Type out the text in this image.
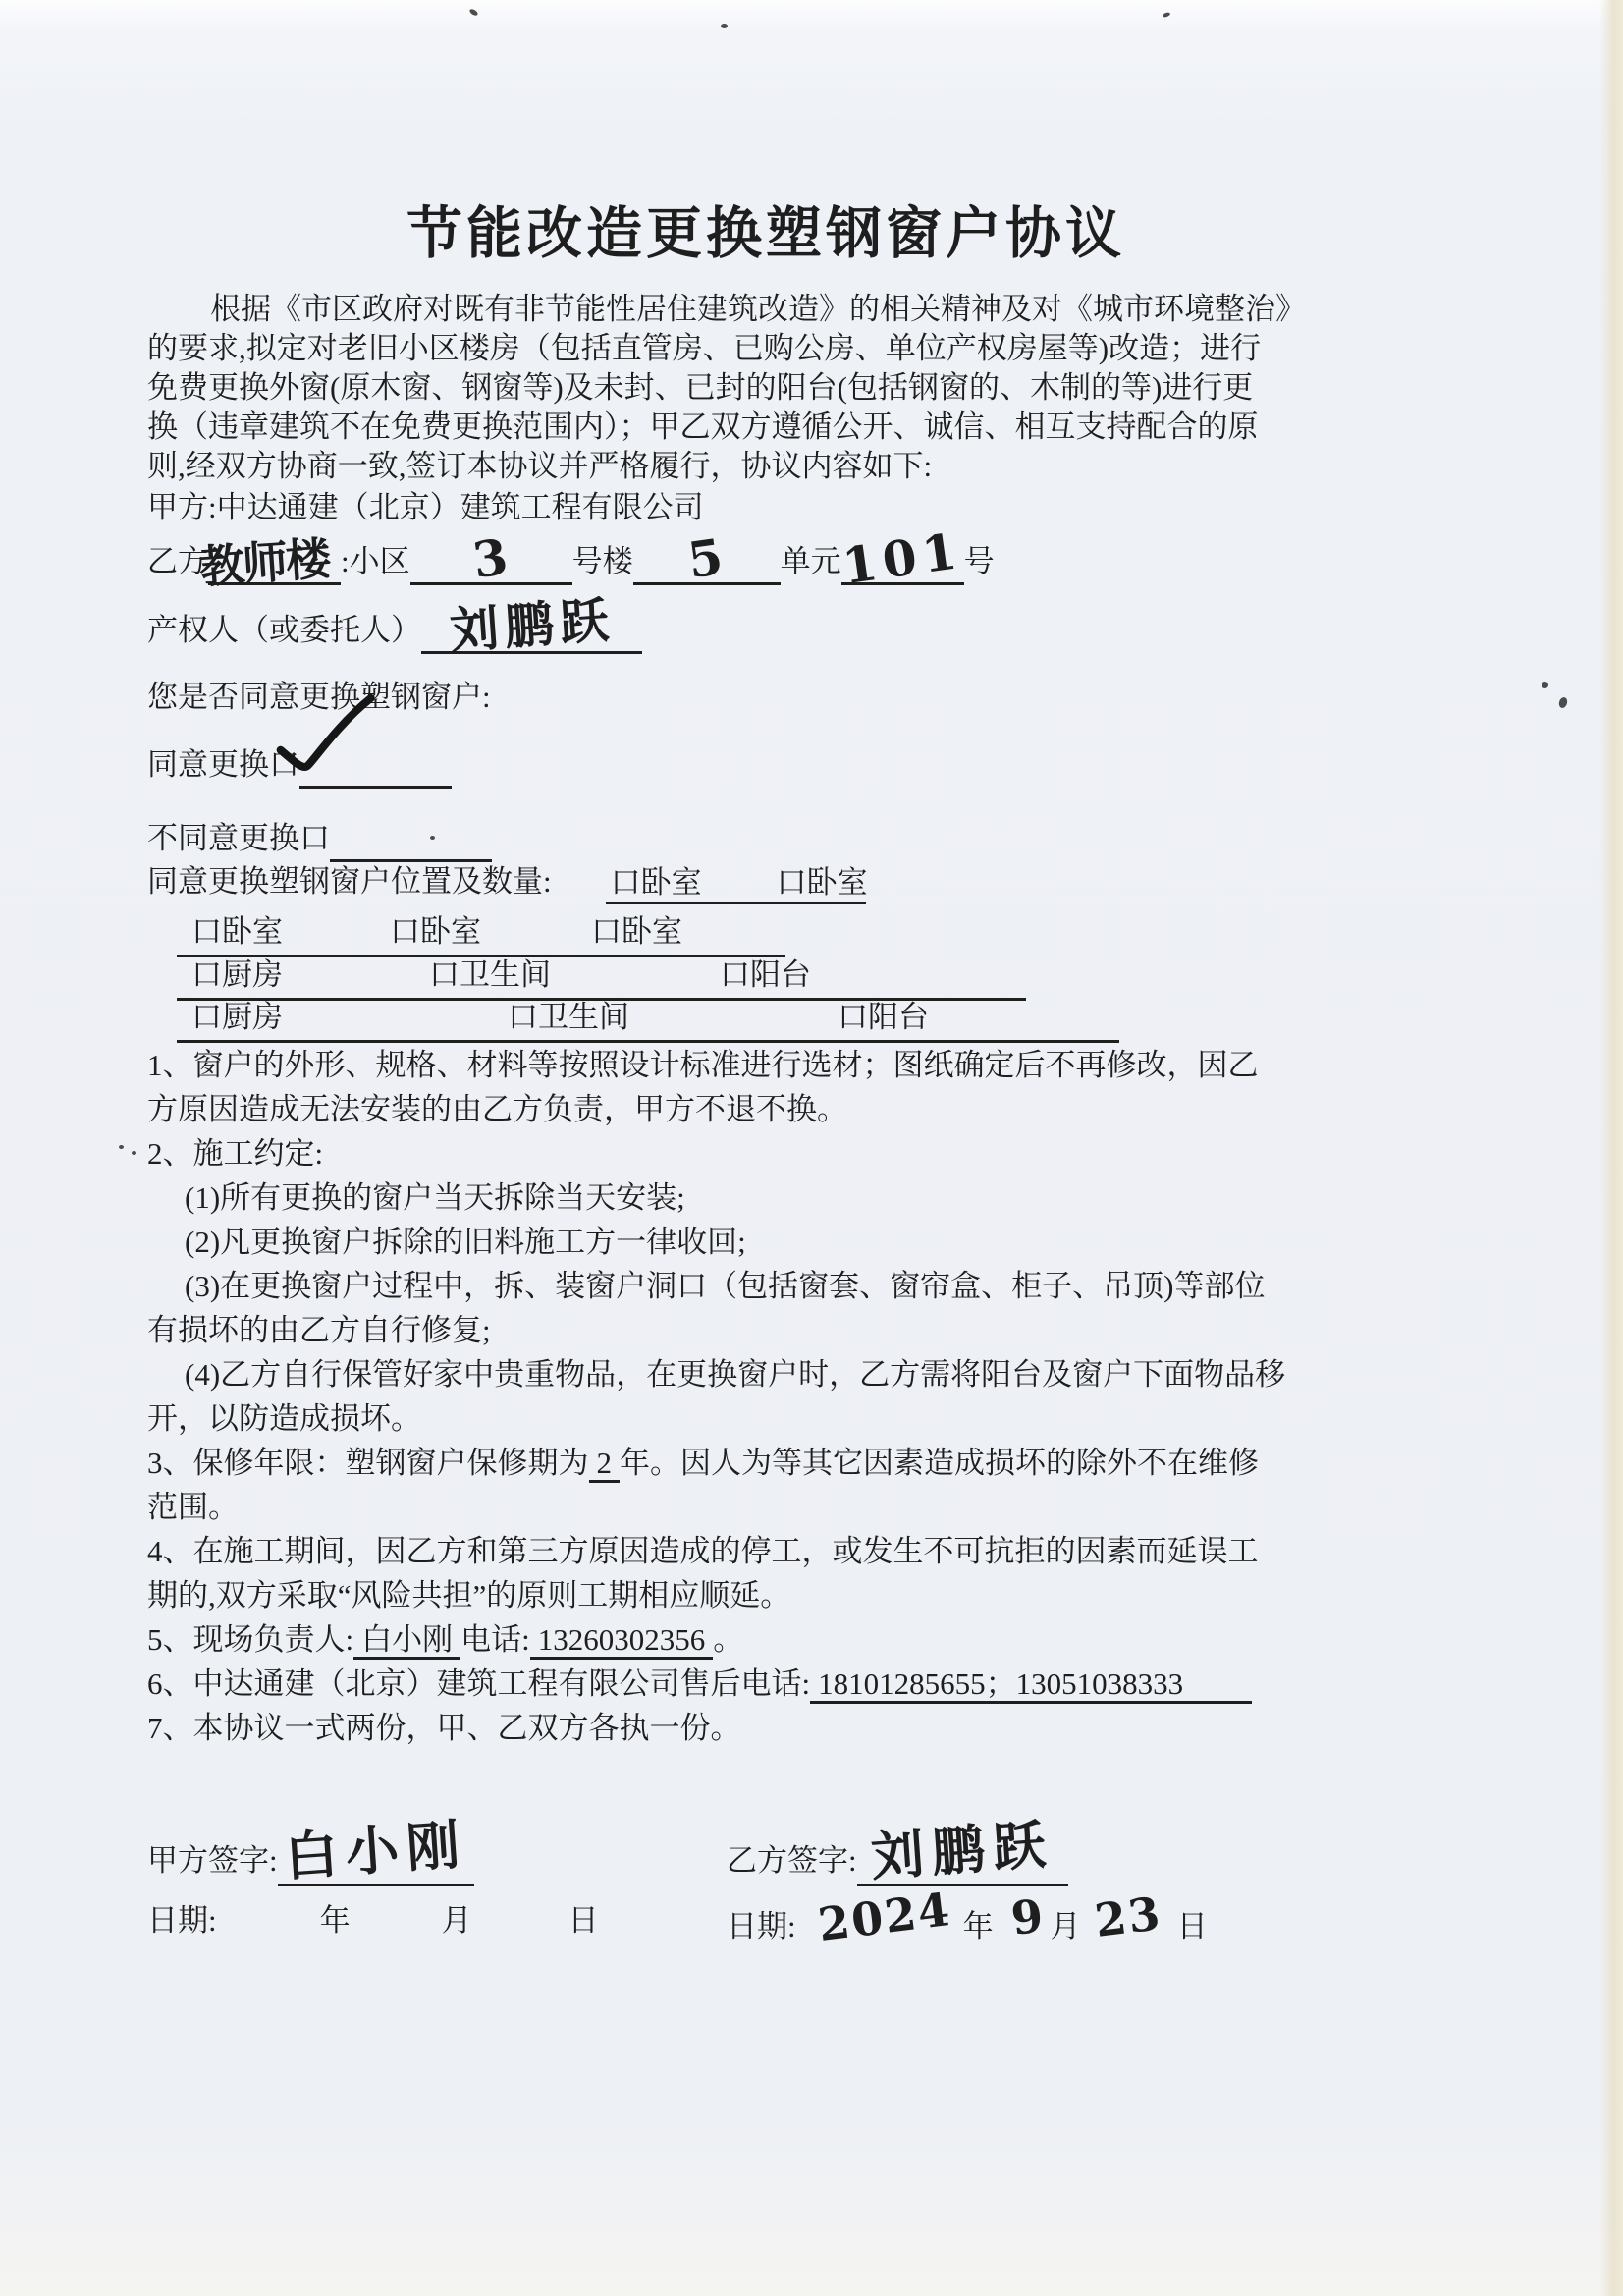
节能改造更换塑钢窗户协议
根据《市区政府对既有非节能性居住建筑改造》的相关精神及对《城市环境整治》
的要求,拟定对老旧小区楼房（包括直管房、已购公房、单位产权房屋等)改造；进行
免费更换外窗(原木窗、钢窗等)及未封、已封的阳台(包括钢窗的、木制的等)进行更
换（违章建筑不在免费更换范围内）；甲乙双方遵循公开、诚信、相互支持配合的原
则,经双方协商一致,签订本协议并严格履行，协议内容如下:
甲方:中达通建（北京）建筑工程有限公司
乙方教师楼 :小区 3 号楼 5 单元101号
产权人（或委托人） 刘鹏跃
您是否同意更换塑钢窗户:
同意更换口
不同意更换口
同意更换塑钢窗户位置及数量: 口卧室 口卧室
口卧室	口卧室	口卧室
口厨房	口卫生间	口阳台
口厨房	口卫生间	口阳台
1、窗户的外形、规格、材料等按照设计标准进行选材；图纸确定后不再修改，因乙
方原因造成无法安装的由乙方负责，甲方不退不换。
2、施工约定:
(1)所有更换的窗户当天拆除当天安装;
(2)凡更换窗户拆除的旧料施工方一律收回;
(3)在更换窗户过程中，拆、装窗户洞口（包括窗套、窗帘盒、柜子、吊顶)等部位
有损坏的由乙方自行修复;
(4)乙方自行保管好家中贵重物品，在更换窗户时，乙方需将阳台及窗户下面物品移
开，以防造成损坏。
3、保修年限：塑钢窗户保修期为 2 年。因人为等其它因素造成损坏的除外不在维修
范围。
4、在施工期间，因乙方和第三方原因造成的停工，或发生不可抗拒的因素而延误工
期的,双方采取“风险共担”的原则工期相应顺延。
5、现场负责人: 白小刚 电话: 13260302356 。
6、中达通建（北京）建筑工程有限公司售后电话: 18101285655；13051038333
7、本协议一式两份，甲、乙双方各执一份。
甲方签字:白小刚	乙方签字: 刘鹏跃
日期:	年	月	日	日期: 2024 年 9月 23 日
